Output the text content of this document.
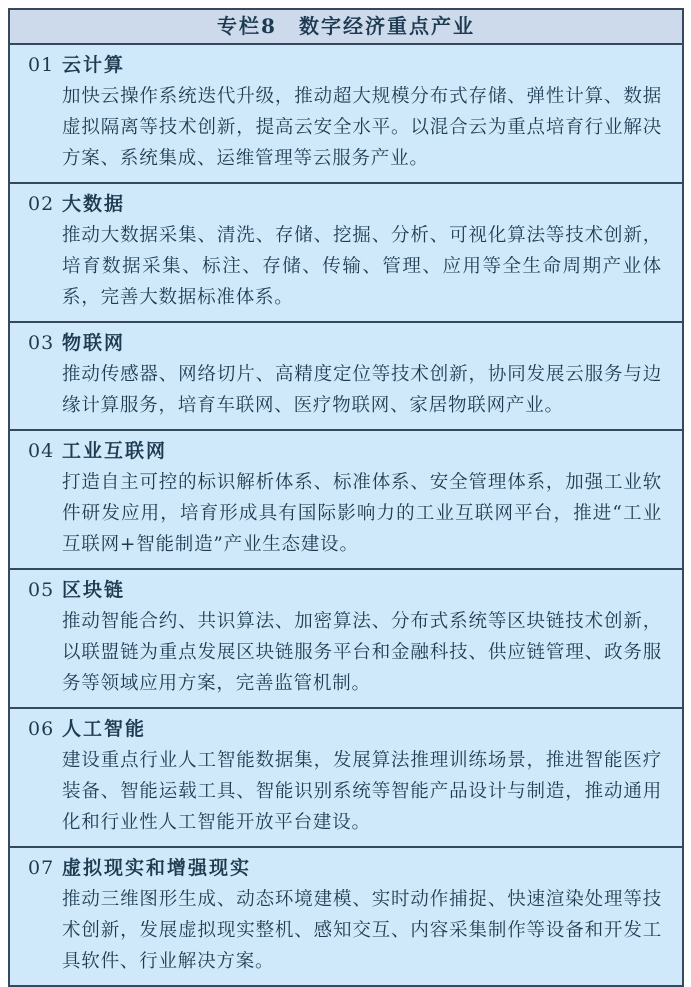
专栏8　数字经济重点产业
01 云计算
加快云操作系统迭代升级，推动超大规模分布式存储、弹性计算、数据虚拟隔离等技术创新，提高云安全水平。以混合云为重点培育行业解决方案、系统集成、运维管理等云服务产业。
02 大数据
推动大数据采集、清洗、存储、挖掘、分析、可视化算法等技术创新，培育数据采集、标注、存储、传输、管理、应用等全生命周期产业体系，完善大数据标准体系。
03 物联网
推动传感器、网络切片、高精度定位等技术创新，协同发展云服务与边缘计算服务，培育车联网、医疗物联网、家居物联网产业。
04 工业互联网
打造自主可控的标识解析体系、标准体系、安全管理体系，加强工业软件研发应用，培育形成具有国际影响力的工业互联网平台，推进“工业互联网+智能制造”产业生态建设。
05 区块链
推动智能合约、共识算法、加密算法、分布式系统等区块链技术创新，以联盟链为重点发展区块链服务平台和金融科技、供应链管理、政务服务等领域应用方案，完善监管机制。
06 人工智能
建设重点行业人工智能数据集，发展算法推理训练场景，推进智能医疗装备、智能运载工具、智能识别系统等智能产品设计与制造，推动通用化和行业性人工智能开放平台建设。
07 虚拟现实和增强现实
推动三维图形生成、动态环境建模、实时动作捕捉、快速渲染处理等技术创新，发展虚拟现实整机、感知交互、内容采集制作等设备和开发工具软件、行业解决方案。
